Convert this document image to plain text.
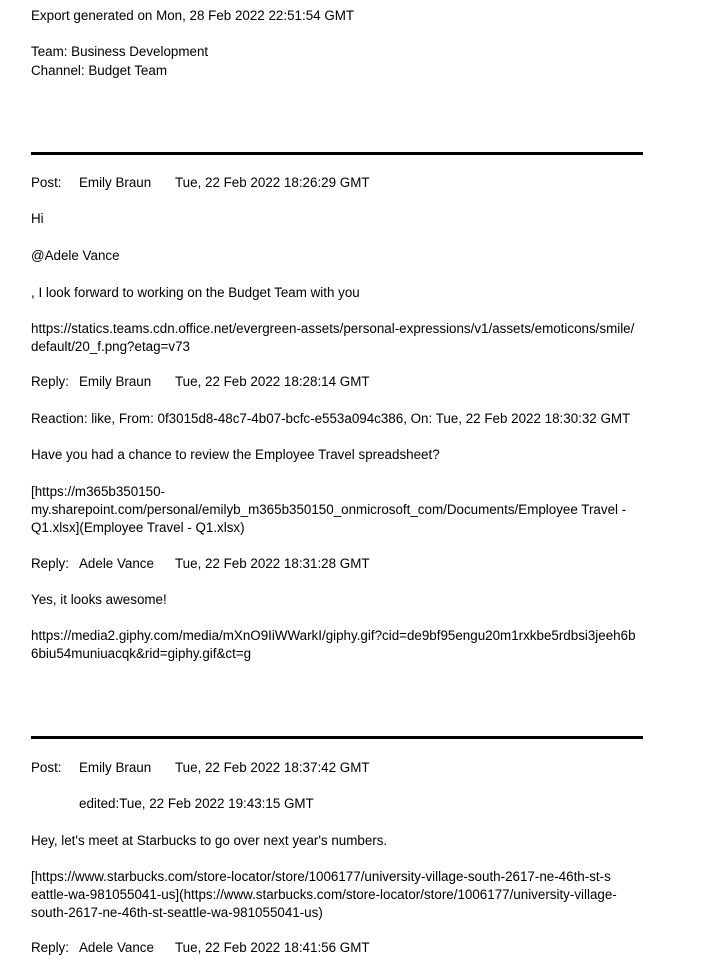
Export generated on Mon, 28 Feb 2022 22:51:54 GMT
Team: Business Development
Channel: Budget Team
Post: Emily Braun Tue, 22 Feb 2022 18:26:29 GMT
Hi
@Adele Vance
, I look forward to working on the Budget Team with you
https://statics.teams.cdn.office.net/evergreen-assets/personal-expressions/v1/assets/emoticons/smile/default/20_f.png?etag=v73
Reply: Emily Braun Tue, 22 Feb 2022 18:28:14 GMT
Reaction: like, From: 0f3015d8-48c7-4b07-bcfc-e553a094c386, On: Tue, 22 Feb 2022 18:30:32 GMT
Have you had a chance to review the Employee Travel spreadsheet?
[https://m365b350150-
my.sharepoint.com/personal/emilyb_m365b350150_onmicrosoft_com/Documents/Employee Travel -
Q1.xlsx](Employee Travel - Q1.xlsx)
Reply: Adele Vance Tue, 22 Feb 2022 18:31:28 GMT
Yes, it looks awesome!
https://media2.giphy.com/media/mXnO9IiWWarkI/giphy.gif?cid=de9bf95engu20m1rxkbe5rdbsi3jeeh6b6biu54muniuacqk&rid=giphy.gif&ct=g
Post: Emily Braun Tue, 22 Feb 2022 18:37:42 GMT
edited:Tue, 22 Feb 2022 19:43:15 GMT
Hey, let's meet at Starbucks to go over next year's numbers.
[https://www.starbucks.com/store-locator/store/1006177/university-village-south-2617-ne-46th-st-s
eattle-wa-981055041-us](https://www.starbucks.com/store-locator/store/1006177/university-village-
south-2617-ne-46th-st-seattle-wa-981055041-us)
Reply: Adele Vance Tue, 22 Feb 2022 18:41:56 GMT
